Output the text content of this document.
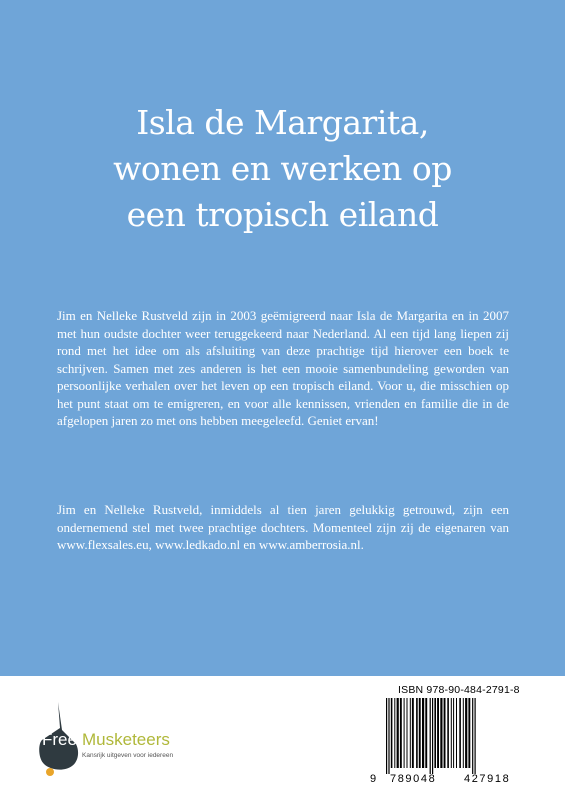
Isla de Margarita,
wonen en werken op
een tropisch eiland

Jim en Nelleke Rustveld zijn in 2003 geëmigreerd naar Isla de Margarita en in 2007 met hun oudste dochter weer teruggekeerd naar Nederland. Al een tijd lang liepen zij rond met het idee om als afsluiting van deze prachtige tijd hierover een boek te schrijven. Samen met zes anderen is het een mooie samenbundeling geworden van persoonlijke verhalen over het leven op een tropisch eiland. Voor u, die misschien op het punt staat om te emigreren, en voor alle kennissen, vrienden en familie die in de afgelopen jaren zo met ons hebben meegeleefd. Geniet ervan!

Jim en Nelleke Rustveld, inmiddels al tien jaren gelukkig getrouwd, zijn een ondernemend stel met twee prachtige dochters. Momenteel zijn zij de eigenaren van www.flexsales.eu, www.ledkado.nl en www.amberrosia.nl.

Free Musketeers
Kansrijk uitgeven voor iedereen
ISBN 978-90-484-2791-8
9 789048	427918
